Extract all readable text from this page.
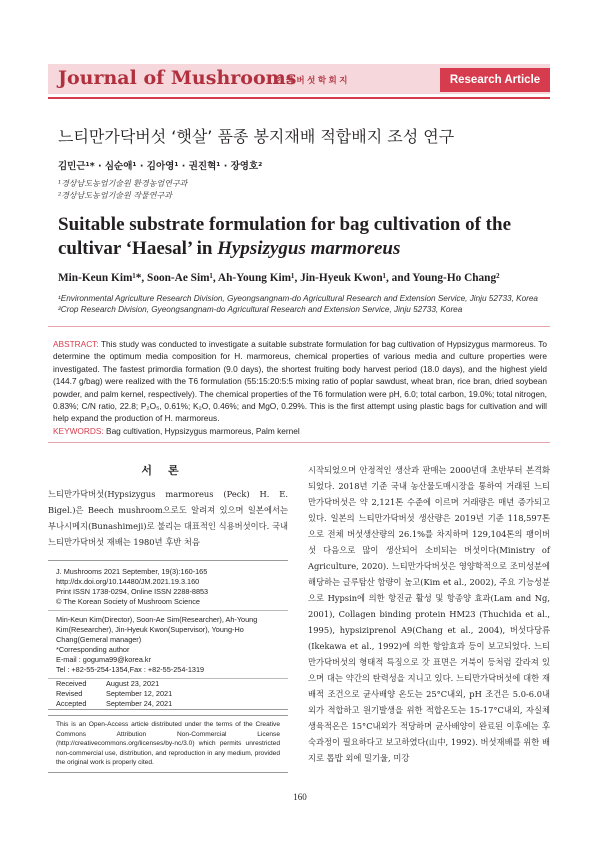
Journal of Mushrooms
한국버섯학회지	Research Article
느티만가닥버섯 ‘햇살’ 품종 봉지재배 적합배지 조성 연구
김민근¹* · 심순애¹ · 김아영¹ · 권진혁¹ · 장영호²
¹경상남도농업기술원 환경농업연구과
²경상남도농업기술원 작물연구과
Suitable substrate formulation for bag cultivation of the cultivar ‘Haesal’ in Hypsizygus marmoreus
Min-Keun Kim¹*, Soon-Ae Sim¹, Ah-Young Kim¹, Jin-Hyeuk Kwon¹, and Young-Ho Chang²
¹Environmental Agriculture Research Division, Gyeongsangnam-do Agricultural Research and Extension Service, Jinju 52733, Korea
²Crop Research Division, Gyeongsangnam-do Agricultural Research and Extension Service, Jinju 52733, Korea
ABSTRACT: This study was conducted to investigate a suitable substrate formulation for bag cultivation of Hypsizygus marmoreus. To determine the optimum media composition for H. marmoreus, chemical properties of various media and culture properties were investigated. The fastest primordia formation (9.0 days), the shortest fruiting body harvest period (18.0 days), and the highest yield (144.7 g/bag) were realized with the T6 formulation (55:15:20:5:5 mixing ratio of poplar sawdust, wheat bran, rice bran, dried soybean powder, and palm kernel, respectively). The chemical properties of the T6 formulation were pH, 6.0; total carbon, 19.0%; total nitrogen, 0.83%; C/N ratio, 22.8; P₂O₅, 0.61%; K₂O, 0.46%; and MgO, 0.29%. This is the first attempt using plastic bags for cultivation and will help expand the production of H. marmoreus.
KEYWORDS: Bag cultivation, Hypsizygus marmoreus, Palm kernel
서론
느티만가닥버섯(Hypsizygus marmoreus (Peck) H. E. Bigel.)은 Beech mushroom으로도 알려져 있으며 일본에서는 부나시메지(Bunashimeji)로 불리는 대표적인 식용버섯이다. 국내 느티만가닥버섯 재배는 1980년 후반 처음
J. Mushrooms 2021 September, 19(3):160-165
http://dx.doi.org/10.14480/JM.2021.19.3.160
Print ISSN 1738-0294, Online ISSN 2288-8853
© The Korean Society of Mushroom Science
Min-Keun Kim(Director), Soon-Ae Sim(Researcher), Ah-Young
Kim(Researcher), Jin-Hyeuk Kwon(Supervisor), Young-Ho
Chang(Gemeral manager)
*Corresponding author
E-mail : goguma99@korea.kr
Tel : +82-55-254-1354,Fax : +82-55-254-1319
Received	August 23, 2021
Revised	September 12, 2021
Accepted	September 24, 2021
This is an Open-Access article distributed under the terms of the Creative Commons Attribution Non-Commercial License (http://creativecommons.org/licenses/by-nc/3.0) which permits unrestricted non-commercial use, distribution, and reproduction in any medium, provided the original work is properly cited.
시작되었으며 안정적인 생산과 판매는 2000년대 초반부터 본격화되었다. 2018년 기준 국내 농산물도매시장을 통하여 거래된 느티만가닥버섯은 약 2,121톤 수준에 이르며 거래량은 매년 증가되고 있다. 일본의 느티만가닥버섯 생산량은 2019년 기준 118,597톤으로 전체 버섯생산량의 26.1%를 차지하며 129,104톤의 팽이버섯 다음으로 많이 생산되어 소비되는 버섯이다(Ministry of Agriculture, 2020). 느티만가닥버섯은 영양학적으로 조미성분에 해당하는 글루탐산 함량이 높고(Kim et al., 2002), 주요 기능성분으로 Hypsin에 의한 항진균 활성 및 항종양 효과(Lam and Ng, 2001), Collagen binding protein HM23 (Thuchida et al., 1995), hypsiziprenol A9(Chang et al., 2004), 버섯다당류(Ikekawa et al., 1992)에 의한 항암효과 등이 보고되었다. 느티만가닥버섯의 형태적 특징으로 갓 표면은 거북이 등처럼 갈라져 있으며 대는 약간의 탄력성을 지니고 있다. 느티만가닥버섯에 대한 재배적 조건으로 균사배양 온도는 25°C내외, pH 조건은 5.0-6.0내외가 적합하고 원기발생을 위한 적합온도는 15-17°C내외, 자실체 생육적온은 15°C내외가 적당하며 균사배양이 완료된 이후에는 후숙과정이 필요하다고 보고하였다(山中, 1992). 버섯재배를 위한 배지로 톱밥 외에 밀기울, 미강
160
